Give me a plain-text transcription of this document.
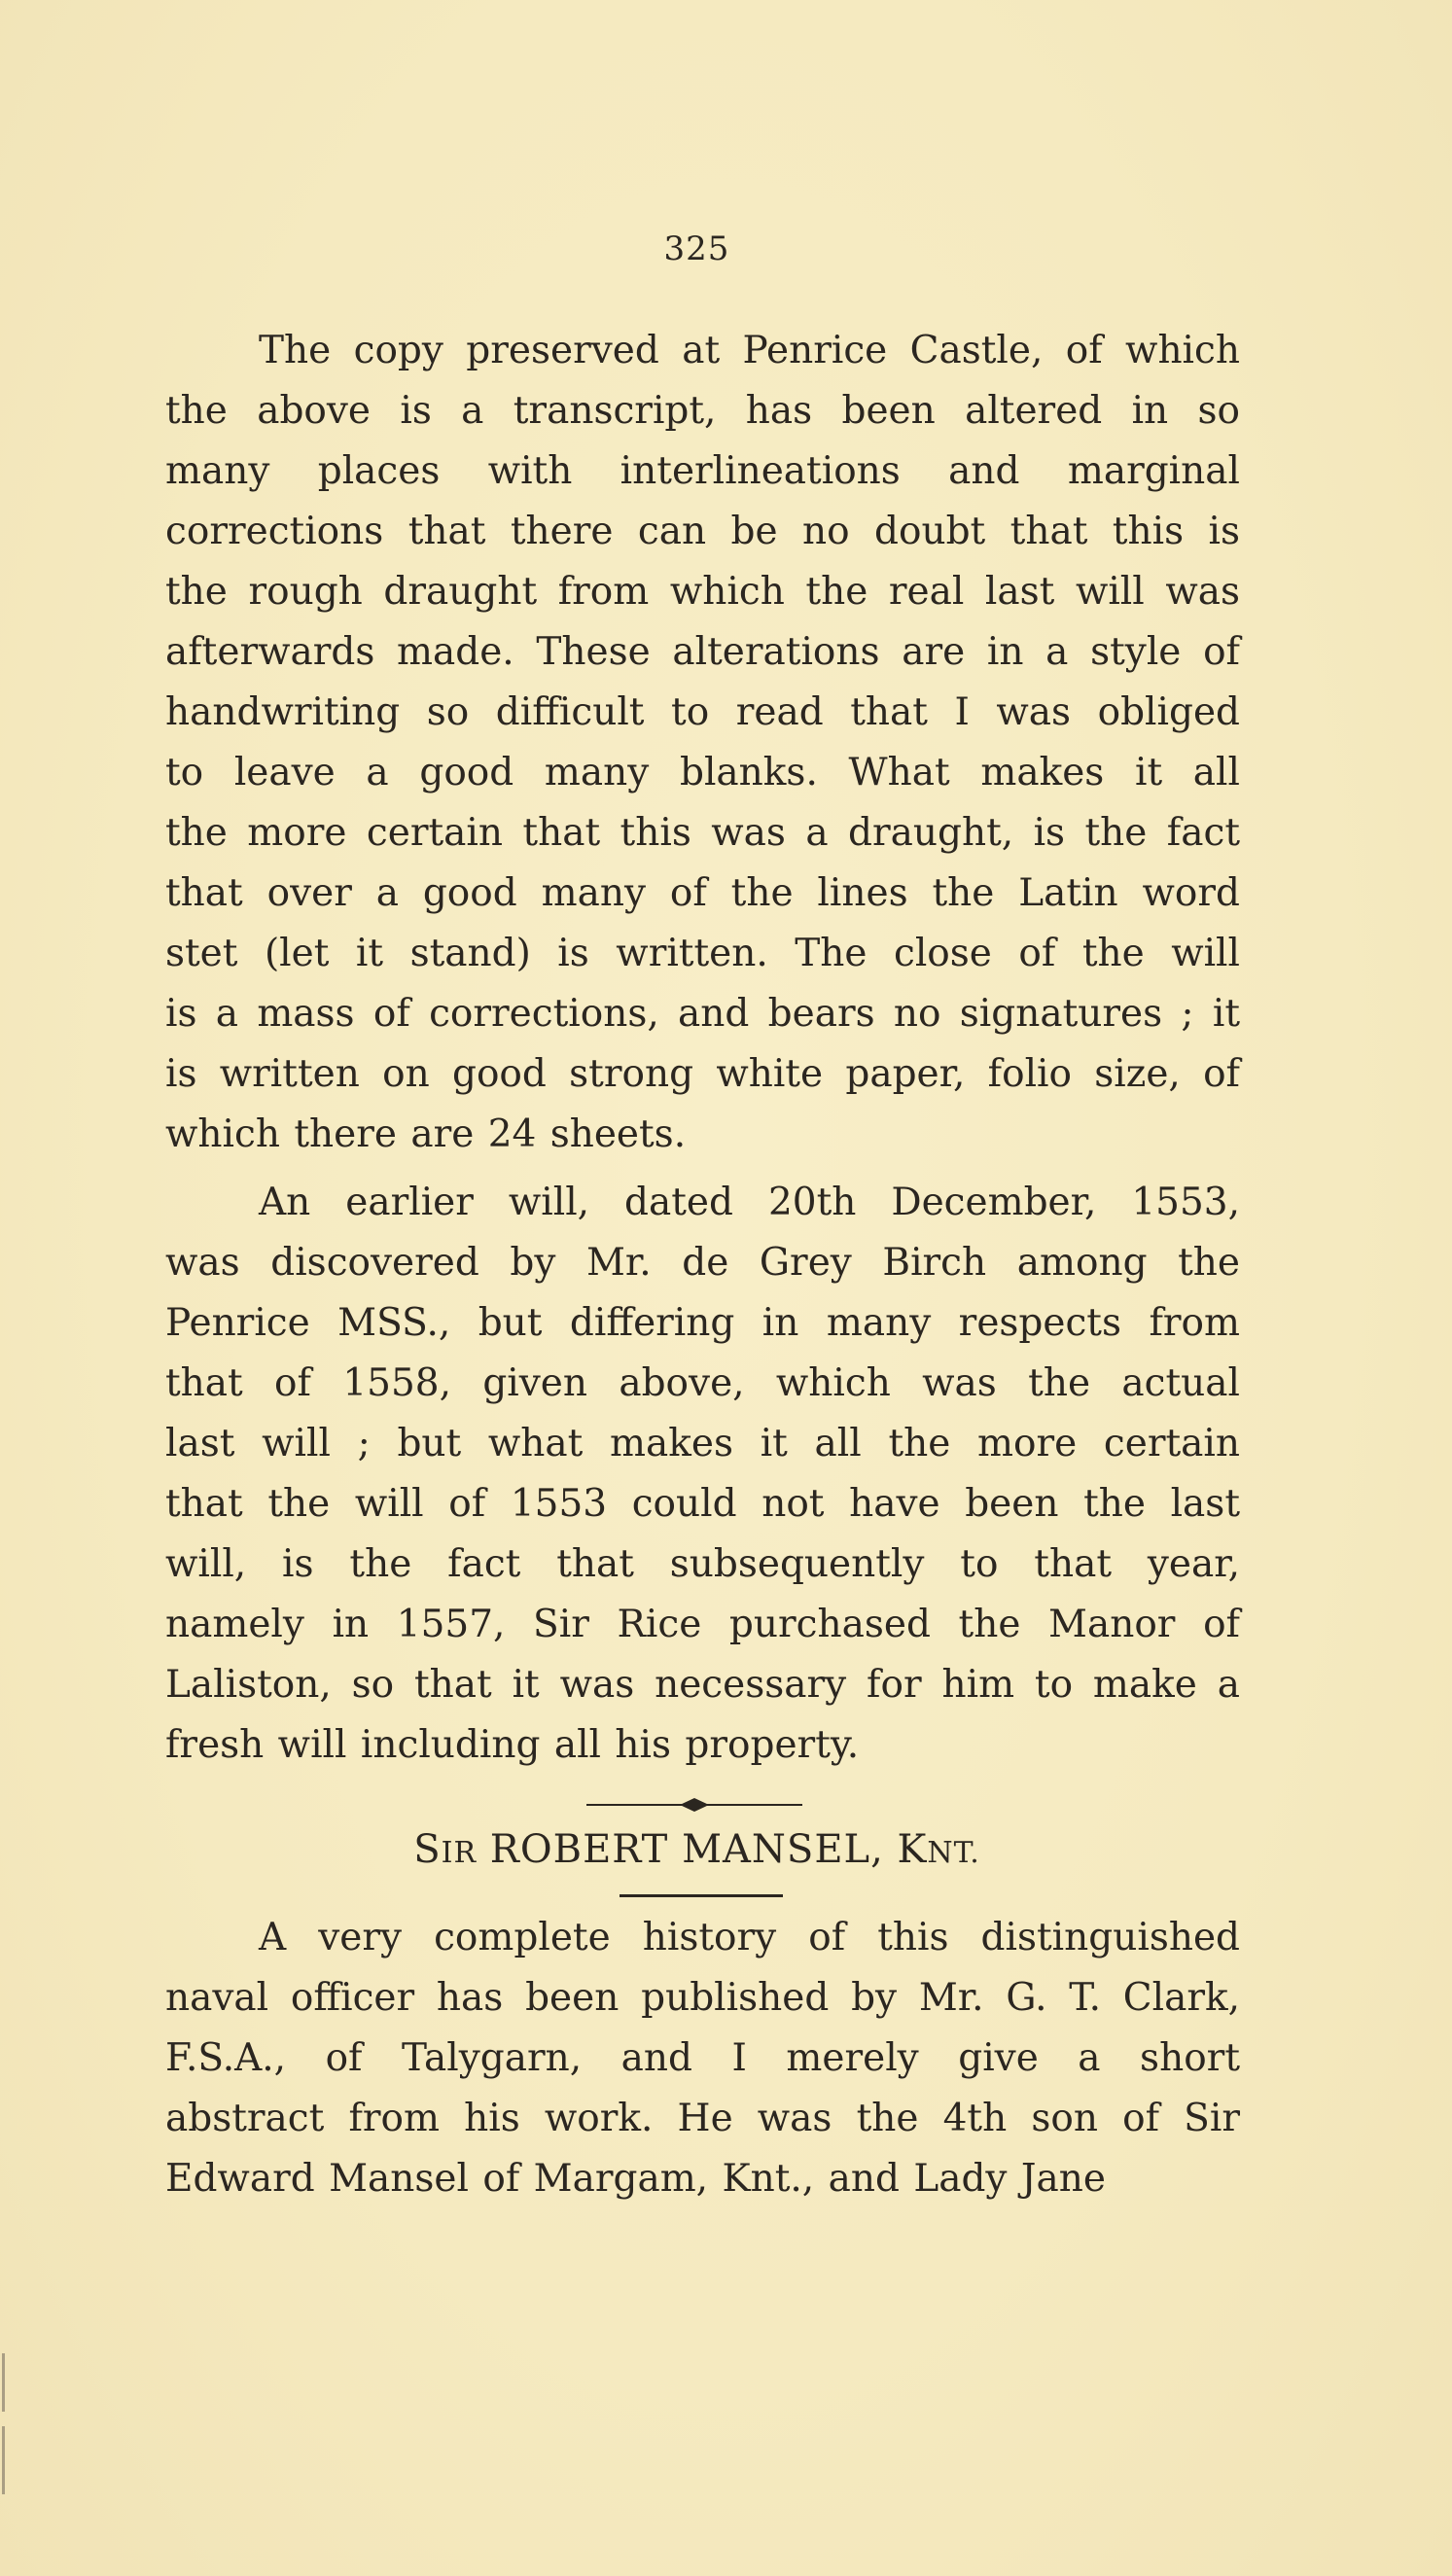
325
The copy preserved at Penrice Castle, of which
the above is a transcript, has been altered in so
many places with interlineations and marginal
corrections that there can be no doubt that this is
the rough draught from which the real last will was
afterwards made. These alterations are in a style of
handwriting so difficult to read that I was obliged
to leave a good many blanks. What makes it all
the more certain that this was a draught, is the fact
that over a good many of the lines the Latin word
stet (let it stand) is written. The close of the will
is a mass of corrections, and bears no signatures ; it
is written on good strong white paper, folio size, of
which there are 24 sheets.
An earlier will, dated 20th December, 1553,
was discovered by Mr. de Grey Birch among the
Penrice MSS., but differing in many respects from
that of 1558, given above, which was the actual
last will ; but what makes it all the more certain
that the will of 1553 could not have been the last
will, is the fact that subsequently to that year,
namely in 1557, Sir Rice purchased the Manor of
Laliston, so that it was necessary for him to make a
fresh will including all his property.
SIR ROBERT MANSEL, KNT.
A very complete history of this distinguished
naval officer has been published by Mr. G. T. Clark,
F.S.A., of Talygarn, and I merely give a short
abstract from his work. He was the 4th son of Sir
Edward Mansel of Margam, Knt., and Lady Jane
